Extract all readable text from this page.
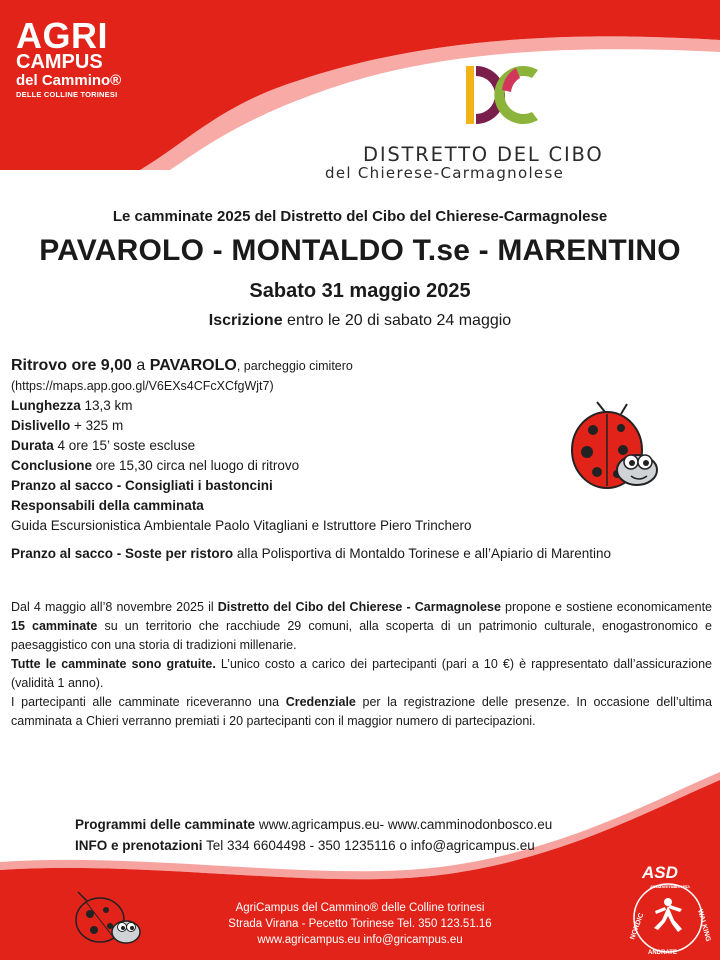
AGRI
CAMPUS
del Cammino®
DELLE COLLINE TORINESI
DISTRETTO DEL CIBO
del Chierese-Carmagnolese
Le camminate 2025 del Distretto del Cibo del Chierese-Carmagnolese
PAVAROLO - MONTALDO T.se - MARENTINO
Sabato 31 maggio 2025
Iscrizione entro le 20 di sabato 24 maggio
Ritrovo ore 9,00 a PAVAROLO, parcheggio cimitero (https://maps.app.goo.gl/V6EXs4CFcXCfgWjt7)
Lunghezza 13,3 km
Dislivello + 325 m
Durata 4 ore 15’ soste escluse
Conclusione ore 15,30 circa nel luogo di ritrovo
Pranzo al sacco - Consigliati i bastoncini
Responsabili della camminata
Guida Escursionistica Ambientale Paolo Vitagliani e Istruttore Piero Trinchero
Pranzo al sacco - Soste per ristoro alla Polisportiva di Montaldo Torinese e all’Apiario di Marentino

Dal 4 maggio all’8 novembre 2025 il Distretto del Cibo del Chierese - Carmagnolese propone e sostiene economicamente 15 camminate su un territorio che racchiude 29 comuni, alla scoperta di un patrimonio culturale, enogastronomico e paesaggistico con una storia di tradizioni millenarie.

Tutte le camminate sono gratuite. L’unico costo a carico dei partecipanti (pari a 10 €) è rappresentato dall’assicurazione (validità 1 anno).

I partecipanti alle camminate riceveranno una Credenziale per la registrazione delle presenze. In occasione dell’ultima camminata a Chieri verranno premiati i 20 partecipanti con il maggior numero di partecipazioni.

Programmi delle camminate www.agricampus.eu- www.camminodonbosco.eu
INFO e prenotazioni Tel 334 6604498 - 350 1235116 o info@agricampus.eu
AgriCampus del Cammino® delle Colline torinesi
Strada Virana - Pecetto Torinese Tel. 350 123.51.16
www.agricampus.eu info@gricampus.eu
ASD
ASSOCIAZIONE SPORTIVA DILETTANTISTICA
NORDIC	WALKING
ANDRATE
